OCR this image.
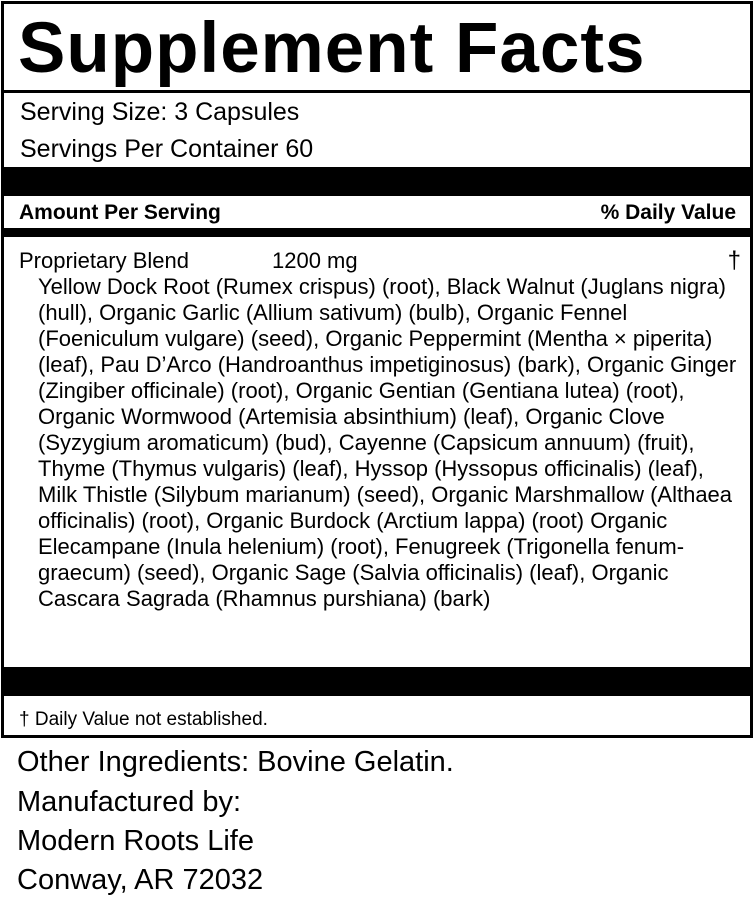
Supplement Facts
Serving Size: 3 Capsules
Servings Per Container 60
Amount Per Serving	% Daily Value
Proprietary Blend	1200 mg	†

Yellow Dock Root (Rumex crispus) (root), Black Walnut (Juglans nigra) (hull), Organic Garlic (Allium sativum) (bulb), Organic Fennel (Foeniculum vulgare) (seed), Organic Peppermint (Mentha × piperita) (leaf), Pau D’Arco (Handroanthus impetiginosus) (bark), Organic Ginger (Zingiber officinale) (root), Organic Gentian (Gentiana lutea) (root), Organic Wormwood (Artemisia absinthium) (leaf), Organic Clove (Syzygium aromaticum) (bud), Cayenne (Capsicum annuum) (fruit), Thyme (Thymus vulgaris) (leaf), Hyssop (Hyssopus officinalis) (leaf), Milk Thistle (Silybum marianum) (seed), Organic Marshmallow (Althaea officinalis) (root), Organic Burdock (Arctium lappa) (root) Organic Elecampane (Inula helenium) (root), Fenugreek (Trigonella fenum-graecum) (seed), Organic Sage (Salvia officinalis) (leaf), Organic Cascara Sagrada (Rhamnus purshiana) (bark)

† Daily Value not established.
Other Ingredients: Bovine Gelatin.
Manufactured by:
Modern Roots Life
Conway, AR 72032
